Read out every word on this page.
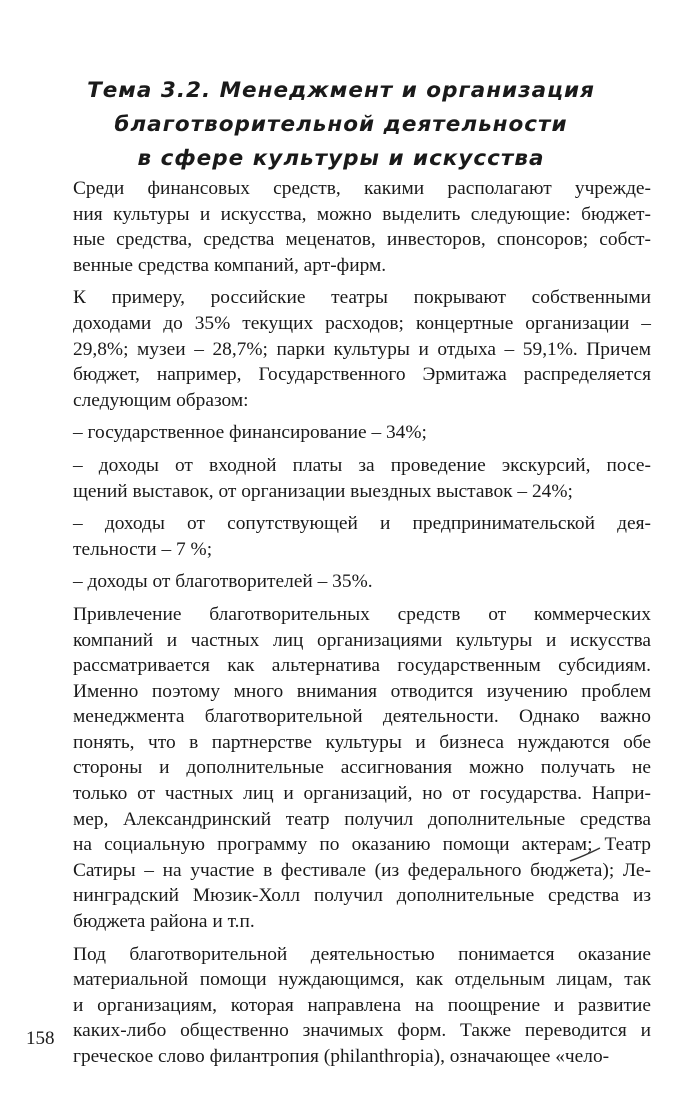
Тема 3.2. Менеджмент и организация
благотворительной деятельности
в сфере культуры и искусства
Среди финансовых средств, какими располагают учрежде-
ния культуры и искусства, можно выделить следующие: бюджет-
ные средства, средства меценатов, инвесторов, спонсоров; собст-
венные средства компаний, арт-фирм.
К примеру, российские театры покрывают собственными
доходами до 35% текущих расходов; концертные организации –
29,8%; музеи – 28,7%; парки культуры и отдыха – 59,1%. Причем
бюджет, например, Государственного Эрмитажа распределяется
следующим образом:
– государственное финансирование – 34%;
– доходы от входной платы за проведение экскурсий, посе-
щений выставок, от организации выездных выставок – 24%;
– доходы от сопутствующей и предпринимательской дея-
тельности – 7 %;
– доходы от благотворителей – 35%.
Привлечение благотворительных средств от коммерческих
компаний и частных лиц организациями культуры и искусства
рассматривается как альтернатива государственным субсидиям.
Именно поэтому много внимания отводится изучению проблем
менеджмента благотворительной деятельности. Однако важно
понять, что в партнерстве культуры и бизнеса нуждаются обе
стороны и дополнительные ассигнования можно получать не
только от частных лиц и организаций, но от государства. Напри-
мер, Александринский театр получил дополнительные средства
на социальную программу по оказанию помощи актерам; Театр
Сатиры – на участие в фестивале (из федерального бюджета); Ле-
нинградский Мюзик-Холл получил дополнительные средства из
бюджета района и т.п.
Под благотворительной деятельностью понимается оказание
материальной помощи нуждающимся, как отдельным лицам, так
и организациям, которая направлена на поощрение и развитие
каких-либо общественно значимых форм. Также переводится и
греческое слово филантропия (philanthropia), означающее «чело-
158
